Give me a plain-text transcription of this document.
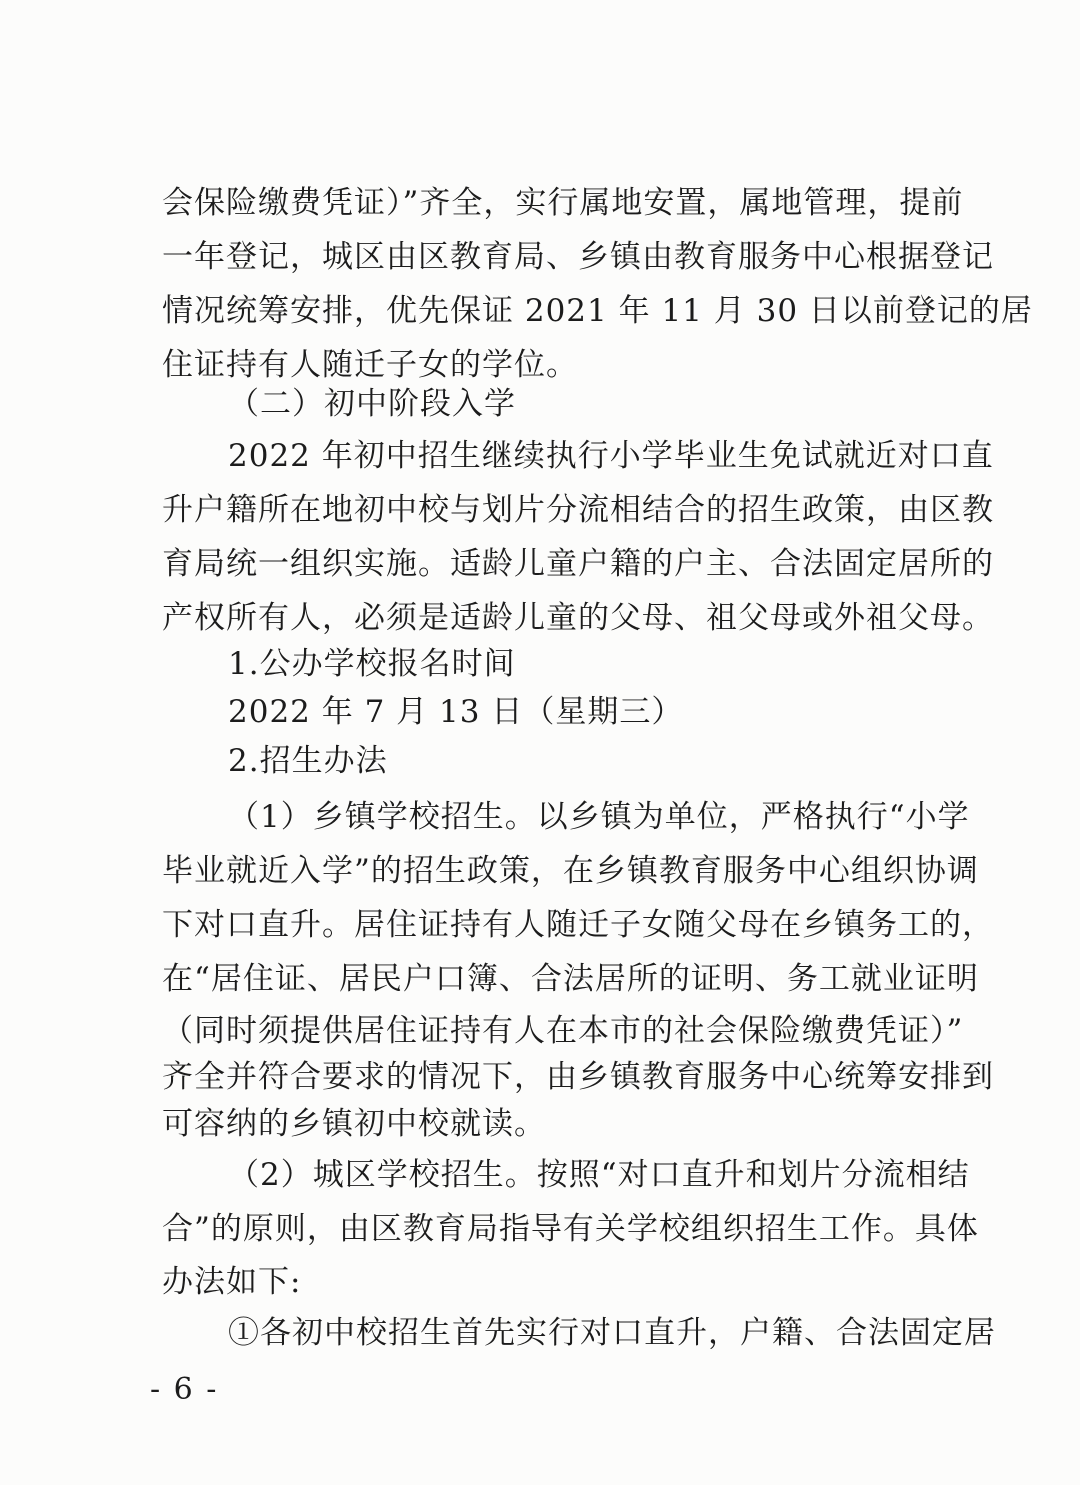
会保险缴费凭证）”齐全，实行属地安置，属地管理，提前
一年登记，城区由区教育局、乡镇由教育服务中心根据登记
情况统筹安排，优先保证 2021 年 11 月 30 日以前登记的居
住证持有人随迁子女的学位。
（二）初中阶段入学
2022 年初中招生继续执行小学毕业生免试就近对口直
升户籍所在地初中校与划片分流相结合的招生政策，由区教
育局统一组织实施。适龄儿童户籍的户主、合法固定居所的
产权所有人，必须是适龄儿童的父母、祖父母或外祖父母。
1.公办学校报名时间
2022 年 7 月 13 日（星期三）
2.招生办法
（1）乡镇学校招生。以乡镇为单位，严格执行“小学
毕业就近入学”的招生政策，在乡镇教育服务中心组织协调
下对口直升。居住证持有人随迁子女随父母在乡镇务工的，
在“居住证、居民户口簿、合法居所的证明、务工就业证明
（同时须提供居住证持有人在本市的社会保险缴费凭证）”
齐全并符合要求的情况下，由乡镇教育服务中心统筹安排到
可容纳的乡镇初中校就读。
（2）城区学校招生。按照“对口直升和划片分流相结
合”的原则，由区教育局指导有关学校组织招生工作。具体
办法如下:
①各初中校招生首先实行对口直升，户籍、合法固定居
- 6 -
